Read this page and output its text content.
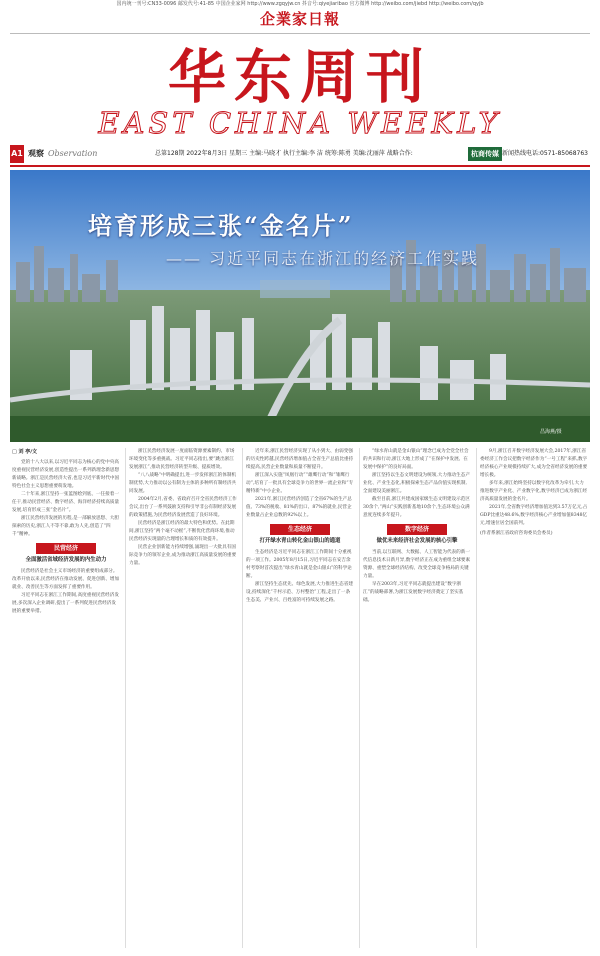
国内统一刊号:CN33-0096 邮发代号:41-85 中国企业家网 http://www.zgqyjw.cn 抖音号:qiyejiaribao 官方微博 http://weibo.com/jiebd http://weibo.com/qyjb
企業家日報
华东周刊
EAST CHINA WEEKLY
A1 观察 Observation	总第128期 2022年8月3日 星期三 主编:马晓才 执行主编:李 洁 统筹:陈勇 美编:沈丽萍 战略合作:	杭商传媒 新闻热线电话:0571-85068763
培育形成三张“金名片”
—— 习近平同志在浙江的经济工作实践
昌海燕/摄
□ 刘 亭/文

党的十八大以来,以习近平同志为核心的党中央高度重视民营经济发展,创造性提出一系列新理念新思想新战略。浙江是民营经济大省,也是习近平新时代中国特色社会主义思想重要萌发地。

二十年来,浙江坚持一张蓝图绘到底、一任接着一任干,推动民营经济、数字经济、海洋经济持续高质量发展,培育形成三张“金名片”。

浙江民营经济发展的历程,是一部解放思想、大胆探索的历史,浙江人不等不靠,敢为人先,创造了“四千”精神。

民营经济
全面激活省域经济发展的内生动力

民营经济是社会主义市场经济的重要组成部分。改革开放以来,民营经济在推动发展、促进创新、增加就业、改善民生等方面发挥了重要作用。

习近平同志在浙江工作期间,高度重视民营经济发展,多次深入企业调研,提出了一系列促进民营经济发展的重要举措。

浙江民营经济发展一度面临资源要素制约、市场环境变化等多重挑战。习近平同志指出,要“跳出浙江发展浙江”,推动民营经济转型升级、提质增效。

“八八战略”中明确提出,进一步发挥浙江的体制机制优势,大力推动以公有制为主体的多种所有制经济共同发展。

2004年2月,省委、省政府召开全省民营经济工作会议,出台了一系列鼓励支持和引导非公有制经济发展的政策措施,为民营经济发展营造了良好环境。

民营经济是浙江经济的最大特色和优势。在此期间,浙江坚持“两个毫不动摇”,不断优化营商环境,推动民营经济实现量的合理增长和质的有效提升。

民营企业创新能力持续增强,涌现出一大批具有国际竞争力的领军企业,成为推动浙江高质量发展的重要力量。

近年来,浙江民营经济实现了从小到大、由弱变强的历史性跨越,民营经济增加值占全省生产总值比重持续提高,民营企业数量和质量不断提升。

浙江深入实施“凤凰行动”“雄鹰行动”和“雏鹰行动”,培育了一批具有全球竞争力的世界一流企业和“专精特新”中小企业。

2021年,浙江民营经济创造了全省67%的生产总值、73%的税收、81%的出口、87%的就业,民营企业数量占企业总数的92%以上。

生态经济
打开绿水青山转化金山银山的通道

生态经济是习近平同志在浙江工作期间十分重视的一项工作。2005年8月15日,习近平同志在安吉余村考察时首次提出“绿水青山就是金山银山”的科学论断。

浙江坚持生态优先、绿色发展,大力推进生态省建设,持续深化“千村示范、万村整治”工程,走出了一条生态美、产业兴、百姓富的可持续发展之路。

“绿水青山就是金山银山”理念已成为全党全社会的共识和行动,浙江大地上形成了“在保护中发展、在发展中保护”的良好局面。

浙江坚持以生态文明建设为统领,大力推动生态产业化、产业生态化,积极探索生态产品价值实现机制,全面建设美丽浙江。

截至目前,浙江共建成国家级生态文明建设示范区30余个,“两山”实践创新基地10余个,生态环境公众满意度连续多年提升。

数字经济
做优未来经济社会发展的核心引擎

当前,以互联网、大数据、人工智能为代表的新一代信息技术日新月异,数字经济正在成为重组全球要素资源、重塑全球经济结构、改变全球竞争格局的关键力量。

早在2003年,习近平同志就提出建设“数字浙江”的战略部署,为浙江发展数字经济奠定了坚实基础。

9月,浙江召开数字经济发展大会,2017年,浙江省委经济工作会议把数字经济作为“一号工程”来抓,数字经济核心产业规模持续扩大,成为全省经济发展的重要增长极。

多年来,浙江始终坚持以数字化改革为牵引,大力推进数字产业化、产业数字化,数字经济已成为浙江经济高质量发展的金名片。

2021年,全省数字经济增加值达到3.57万亿元,占GDP比重达48.6%,数字经济核心产业增加值8348亿元,增速位居全国前列。

(作者系浙江省政府咨询委员会委员)
